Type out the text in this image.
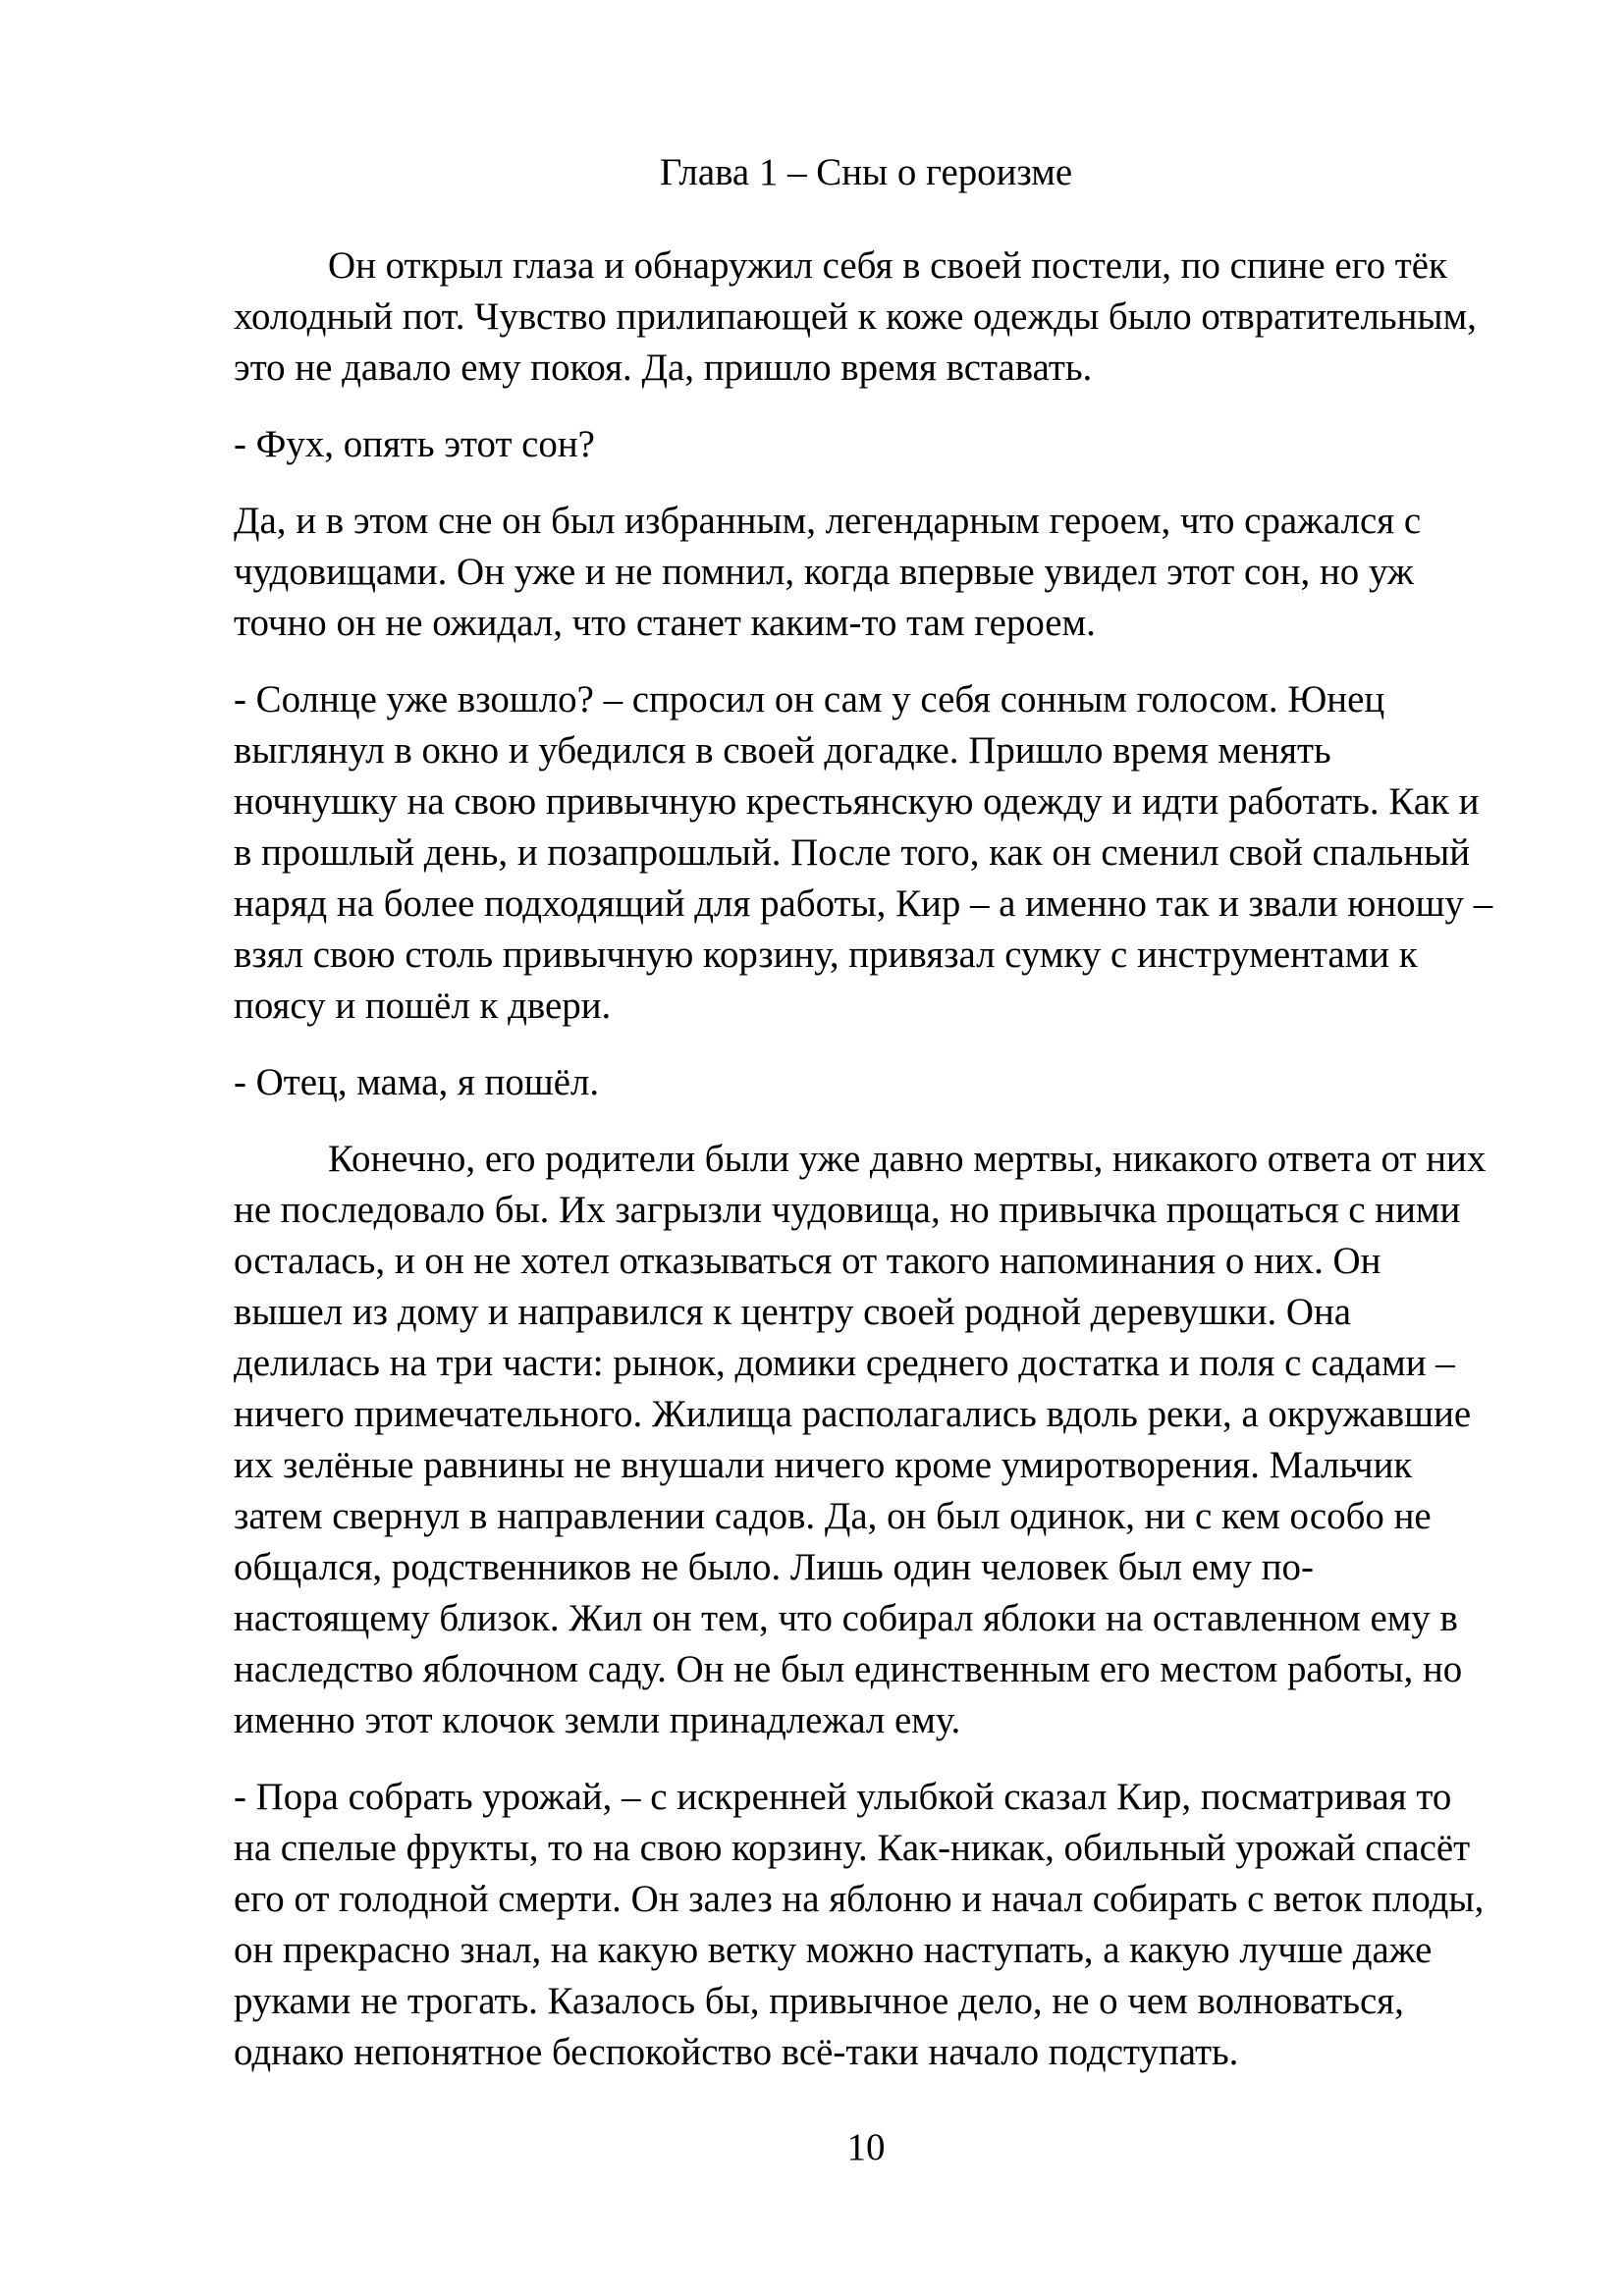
Глава 1 – Сны о героизме

Он открыл глаза и обнаружил себя в своей постели, по спине его тёк холодный пот. Чувство прилипающей к коже одежды было отвратительным, это не давало ему покоя. Да, пришло время вставать.

- Фух, опять этот сон?

Да, и в этом сне он был избранным, легендарным героем, что сражался с чудовищами. Он уже и не помнил, когда впервые увидел этот сон, но уж точно он не ожидал, что станет каким-то там героем.

- Солнце уже взошло? – спросил он сам у себя сонным голосом. Юнец выглянул в окно и убедился в своей догадке. Пришло время менять ночнушку на свою привычную крестьянскую одежду и идти работать. Как и в прошлый день, и позапрошлый. После того, как он сменил свой спальный наряд на более подходящий для работы, Кир – а именно так и звали юношу – взял свою столь привычную корзину, привязал сумку с инструментами к поясу и пошёл к двери.

- Отец, мама, я пошёл.

Конечно, его родители были уже давно мертвы, никакого ответа от них не последовало бы. Их загрызли чудовища, но привычка прощаться с ними осталась, и он не хотел отказываться от такого напоминания о них. Он вышел из дому и направился к центру своей родной деревушки. Она делилась на три части: рынок, домики среднего достатка и поля с садами – ничего примечательного. Жилища располагались вдоль реки, а окружавшие их зелёные равнины не внушали ничего кроме умиротворения. Мальчик затем свернул в направлении садов. Да, он был одинок, ни с кем особо не общался, родственников не было. Лишь один человек был ему по-настоящему близок. Жил он тем, что собирал яблоки на оставленном ему в наследство яблочном саду. Он не был единственным его местом работы, но именно этот клочок земли принадлежал ему.

- Пора собрать урожай, – с искренней улыбкой сказал Кир, посматривая то на спелые фрукты, то на свою корзину. Как-никак, обильный урожай спасёт его от голодной смерти. Он залез на яблоню и начал собирать с веток плоды, он прекрасно знал, на какую ветку можно наступать, а какую лучше даже руками не трогать. Казалось бы, привычное дело, не о чем волноваться, однако непонятное беспокойство всё-таки начало подступать.

10
